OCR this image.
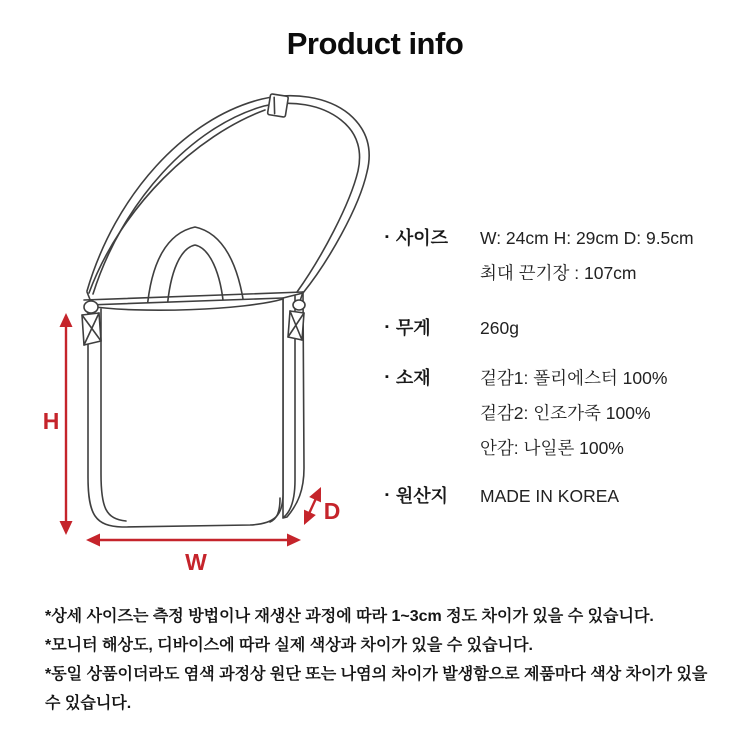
Product info
H
W
D
▪ 사이즈 W: 24cm H: 29cm D: 9.5cm
최대 끈기장 : 107cm
▪ 무게	260g
▪ 소재	겉감1: 폴리에스터 100%
겉감2: 인조가죽 100%
안감: 나일론 100%
▪ 원산지 MADE IN KOREA

*상세 사이즈는 측정 방법이나 재생산 과정에 따라 1~3cm 정도 차이가 있을 수 있습니다.

*모니터 해상도, 디바이스에 따라 실제 색상과 차이가 있을 수 있습니다.

*동일 상품이더라도 염색 과정상 원단 또는 나염의 차이가 발생함으로 제품마다 색상 차이가 있을 수 있습니다.
